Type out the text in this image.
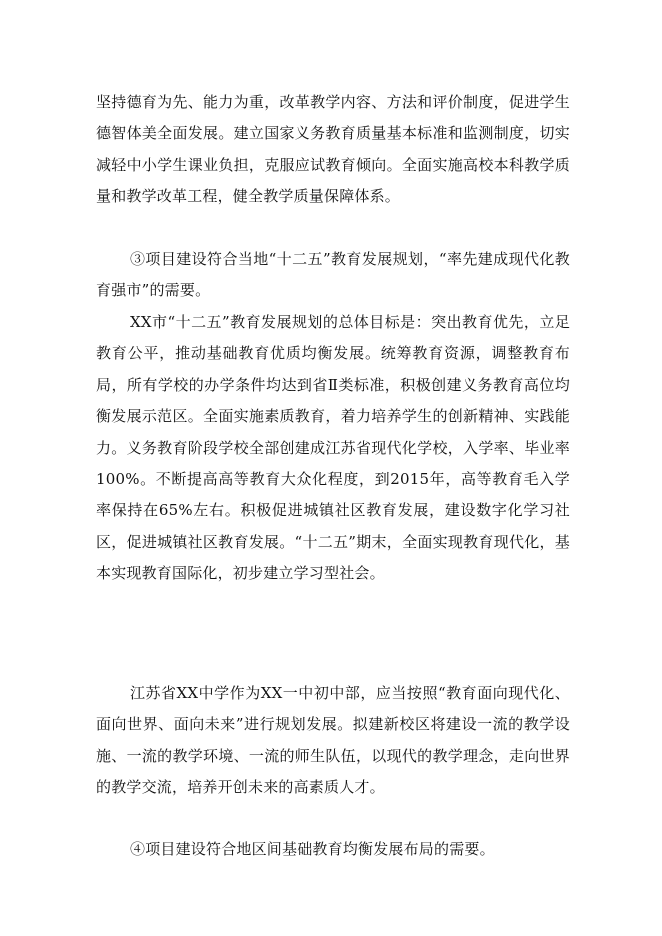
坚持德育为先、能力为重，改革教学内容、方法和评价制度，促进学生德智体美全面发展。建立国家义务教育质量基本标准和监测制度，切实减轻中小学生课业负担，克服应试教育倾向。全面实施高校本科教学质量和教学改革工程，健全教学质量保障体系。

③项目建设符合当地“十二五”教育发展规划，“率先建成现代化教育强市”的需要。

XX市“十二五”教育发展规划的总体目标是：突出教育优先，立足教育公平，推动基础教育优质均衡发展。统筹教育资源，调整教育布局，所有学校的办学条件均达到省Ⅱ类标准，积极创建义务教育高位均衡发展示范区。全面实施素质教育，着力培养学生的创新精神、实践能力。义务教育阶段学校全部创建成江苏省现代化学校，入学率、毕业率100%。不断提高高等教育大众化程度，到2015年，高等教育毛入学率保持在65%左右。积极促进城镇社区教育发展，建设数字化学习社区，促进城镇社区教育发展。“十二五”期末，全面实现教育现代化，基本实现教育国际化，初步建立学习型社会。

江苏省XX中学作为XX一中初中部，应当按照“教育面向现代化、面向世界、面向未来”进行规划发展。拟建新校区将建设一流的教学设施、一流的教学环境、一流的师生队伍，以现代的教学理念，走向世界的教学交流，培养开创未来的高素质人才。

④项目建设符合地区间基础教育均衡发展布局的需要。
